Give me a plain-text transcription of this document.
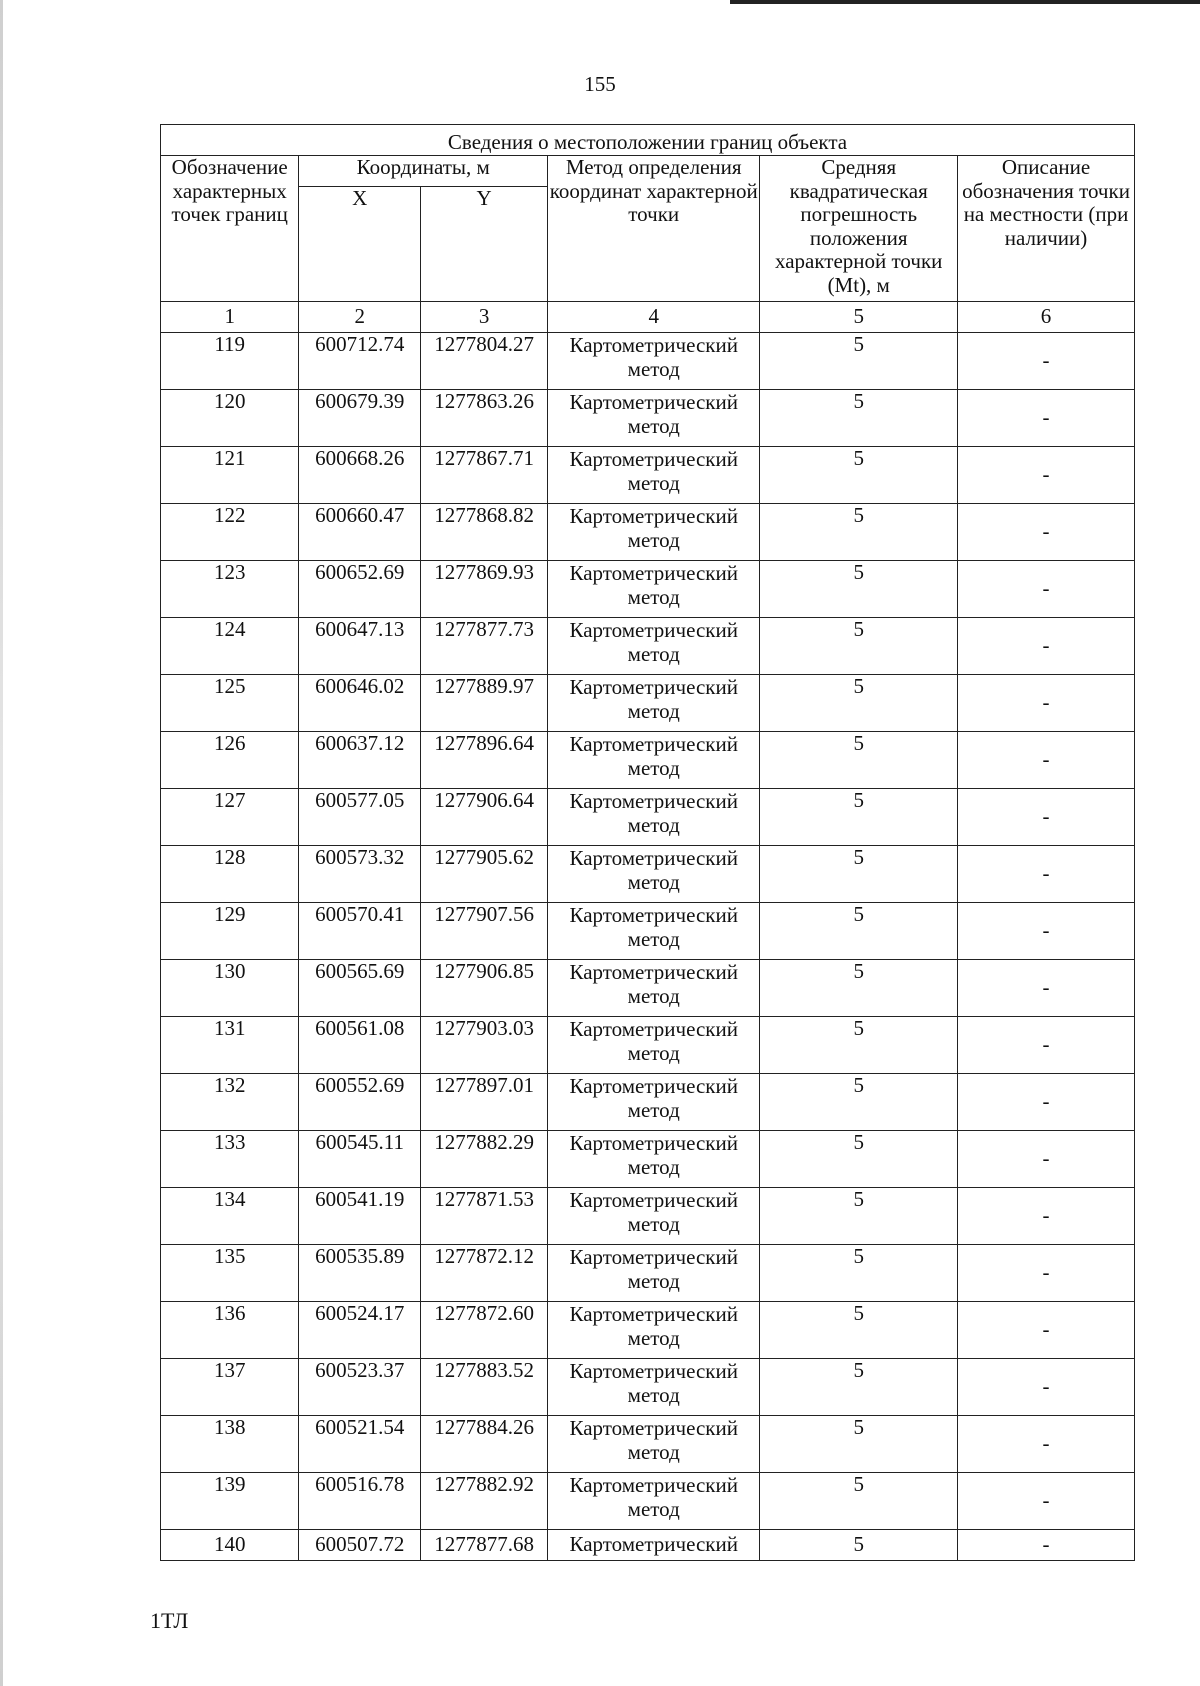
155
Сведения о местоположении границ объекта					
Обозначение характерных точек границ	Координаты, м		Метод определения координат характерной точки	Средняя квадратическая погрешность положения характерной точки (Mt), м	Описание обозначения точки на местности (при наличии)
	X	Y			
1	2	3	4	5	6
119	600712.74	1277804.27	Картометрический метод	5	-
120	600679.39	1277863.26	Картометрический метод	5	-
121	600668.26	1277867.71	Картометрический метод	5	-
122	600660.47	1277868.82	Картометрический метод	5	-
123	600652.69	1277869.93	Картометрический метод	5	-
124	600647.13	1277877.73	Картометрический метод	5	-
125	600646.02	1277889.97	Картометрический метод	5	-
126	600637.12	1277896.64	Картометрический метод	5	-
127	600577.05	1277906.64	Картометрический метод	5	-
128	600573.32	1277905.62	Картометрический метод	5	-
129	600570.41	1277907.56	Картометрический метод	5	-
130	600565.69	1277906.85	Картометрический метод	5	-
131	600561.08	1277903.03	Картометрический метод	5	-
132	600552.69	1277897.01	Картометрический метод	5	-
133	600545.11	1277882.29	Картометрический метод	5	-
134	600541.19	1277871.53	Картометрический метод	5	-
135	600535.89	1277872.12	Картометрический метод	5	-
136	600524.17	1277872.60	Картометрический метод	5	-
137	600523.37	1277883.52	Картометрический метод	5	-
138	600521.54	1277884.26	Картометрический метод	5	-
139	600516.78	1277882.92	Картометрический метод	5	-
140	600507.72	1277877.68	Картометрический	5	-
1ТЛ
